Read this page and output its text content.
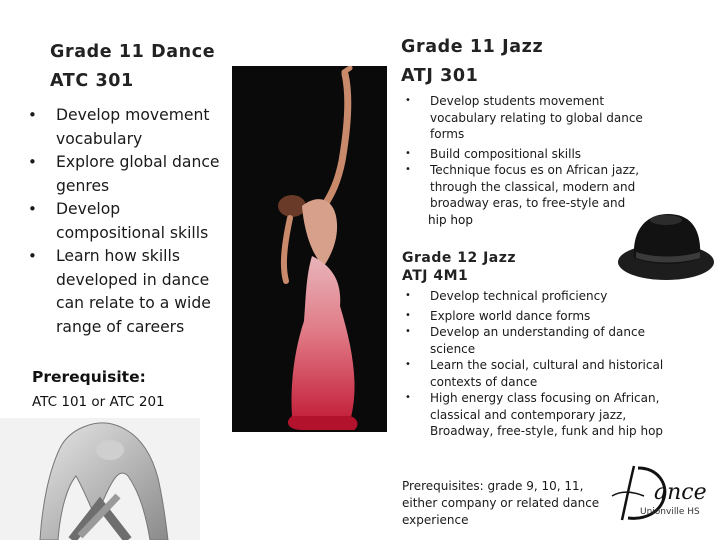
Grade 11 Dance
ATC 301
• Develop movement vocabulary
• Explore global dance genres
• Develop compositional skills
• Learn how skills developed in dance can relate to a wide range of careers
Prerequisite:
ATC 101 or ATC 201
Grade 11 Jazz
ATJ 301
• Develop students movement vocabulary relating to global dance forms
• Build compositional skills
• Technique focus es on African jazz, through the classical, modern and broadway eras, to free-style and
hip hop
Grade 12 Jazz
ATJ 4M1
• Develop technical proficiency
• Explore world dance forms
• Develop an understanding of dance science
• Learn the social, cultural and historical contexts of dance
• High energy class focusing on African, classical and contemporary jazz, Broadway, free-style, funk and hip hop
Prerequisites: grade 9, 10, 11, either company or related dance experience
ance
Unionville HS
